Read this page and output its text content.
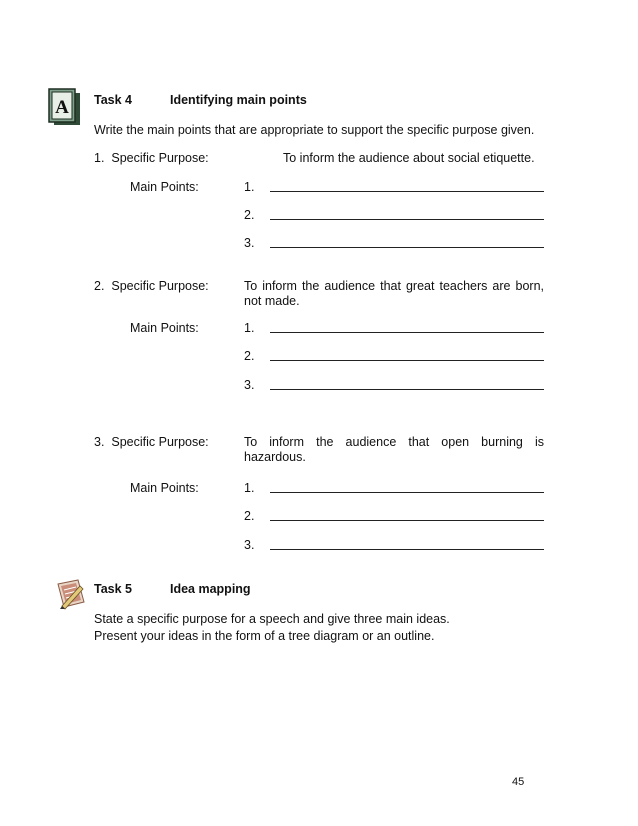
A Task 4	Identifying main points
Write the main points that are appropriate to support the specific purpose given.
1.  Specific Purpose:	To inform the audience about social etiquette.
Main Points:	1.
2.
3.
2.  Specific Purpose:	To inform the audience that great teachers are born,
not made.
Main Points:	1.
2.
3.
3.  Specific Purpose:	To inform the audience that open burning is
hazardous.
Main Points:	1.
2.
3.
Task 5	Idea mapping
State a specific purpose for a speech and give three main ideas.
Present your ideas in the form of a tree diagram or an outline.
45
